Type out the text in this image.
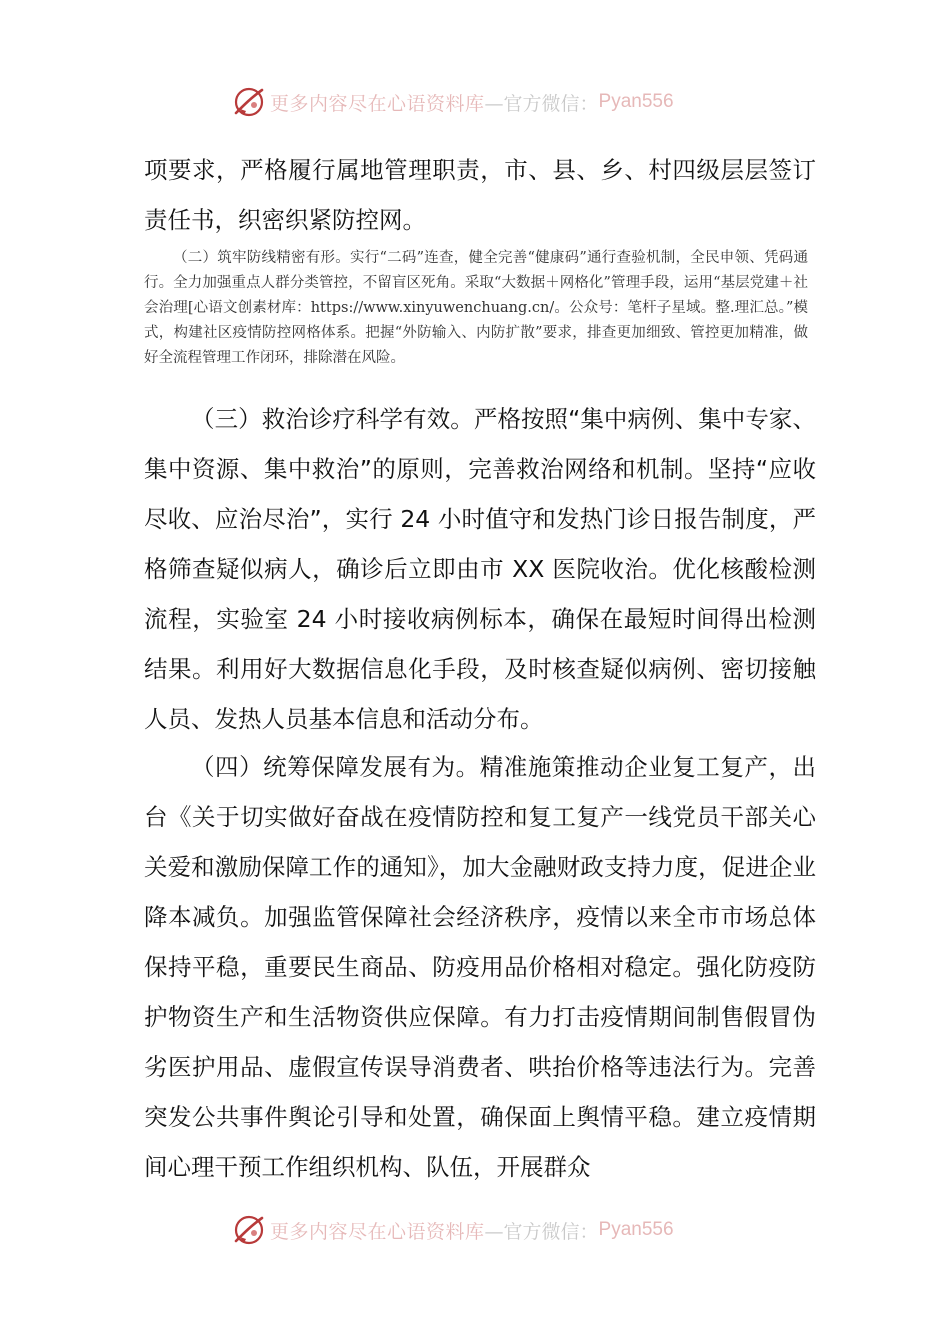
更多内容尽在心语资料库 —官方微信： Pyan556

项要求，严格履行属地管理职责，市、县、乡、村四级层层签订责任书，织密织紧防控网。

（二）筑牢防线精密有形。实行“二码”连查，健全完善“健康码”通行查验机制，全民申领、凭码通行。全力加强重点人群分类管控，不留盲区死角。采取“大数据＋网格化”管理手段，运用“基层党建＋社会治理[心语文创素材库：https://www.xinyuwenchuang.cn/。公众号：笔杆子星域。整.理汇总。”模式，构建社区疫情防控网格体系。把握“外防输入、内防扩散”要求，排查更加细致、管控更加精准，做好全流程管理工作闭环，排除潜在风险。

（三）救治诊疗科学有效。严格按照“集中病例、集中专家、集中资源、集中救治”的原则，完善救治网络和机制。坚持“应收尽收、应治尽治”，实行 24 小时值守和发热门诊日报告制度，严格筛查疑似病人，确诊后立即由市 XX 医院收治。优化核酸检测流程，实验室 24 小时接收病例标本，确保在最短时间得出检测结果。利用好大数据信息化手段，及时核查疑似病例、密切接触人员、发热人员基本信息和活动分布。

（四）统筹保障发展有为。精准施策推动企业复工复产，出台《关于切实做好奋战在疫情防控和复工复产一线党员干部关心关爱和激励保障工作的通知》，加大金融财政支持力度，促进企业降本减负。加强监管保障社会经济秩序，疫情以来全市市场总体保持平稳，重要民生商品、防疫用品价格相对稳定。强化防疫防护物资生产和生活物资供应保障。有力打击疫情期间制售假冒伪劣医护用品、虚假宣传误导消费者、哄抬价格等违法行为。完善突发公共事件舆论引导和处置，确保面上舆情平稳。建立疫情期间心理干预工作组织机构、队伍，开展群众

更多内容尽在心语资料库 —官方微信： Pyan556
